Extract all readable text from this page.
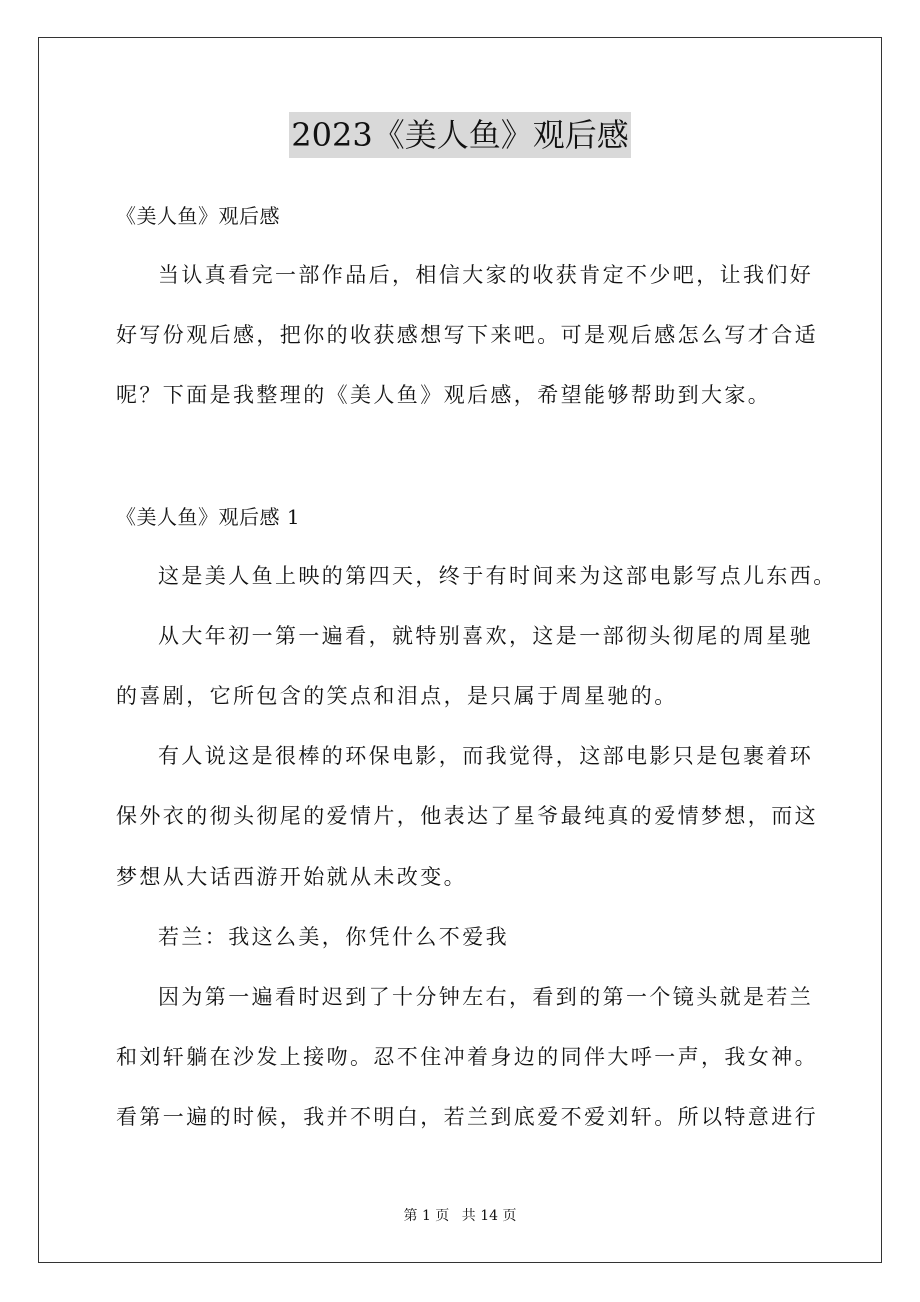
2023《美人鱼》观后感

《美人鱼》观后感

当认真看完一部作品后，相信大家的收获肯定不少吧，让我们好

好写份观后感，把你的收获感想写下来吧。可是观后感怎么写才合适

呢？下面是我整理的《美人鱼》观后感，希望能够帮助到大家。

《美人鱼》观后感 1

这是美人鱼上映的第四天，终于有时间来为这部电影写点儿东西。

从大年初一第一遍看，就特别喜欢，这是一部彻头彻尾的周星驰

的喜剧，它所包含的笑点和泪点，是只属于周星驰的。

有人说这是很棒的环保电影，而我觉得，这部电影只是包裹着环

保外衣的彻头彻尾的爱情片，他表达了星爷最纯真的爱情梦想，而这

梦想从大话西游开始就从未改变。

若兰：我这么美，你凭什么不爱我

因为第一遍看时迟到了十分钟左右，看到的第一个镜头就是若兰

和刘轩躺在沙发上接吻。忍不住冲着身边的同伴大呼一声，我女神。

看第一遍的时候，我并不明白，若兰到底爱不爱刘轩。所以特意进行

第 1 页 共 14 页
